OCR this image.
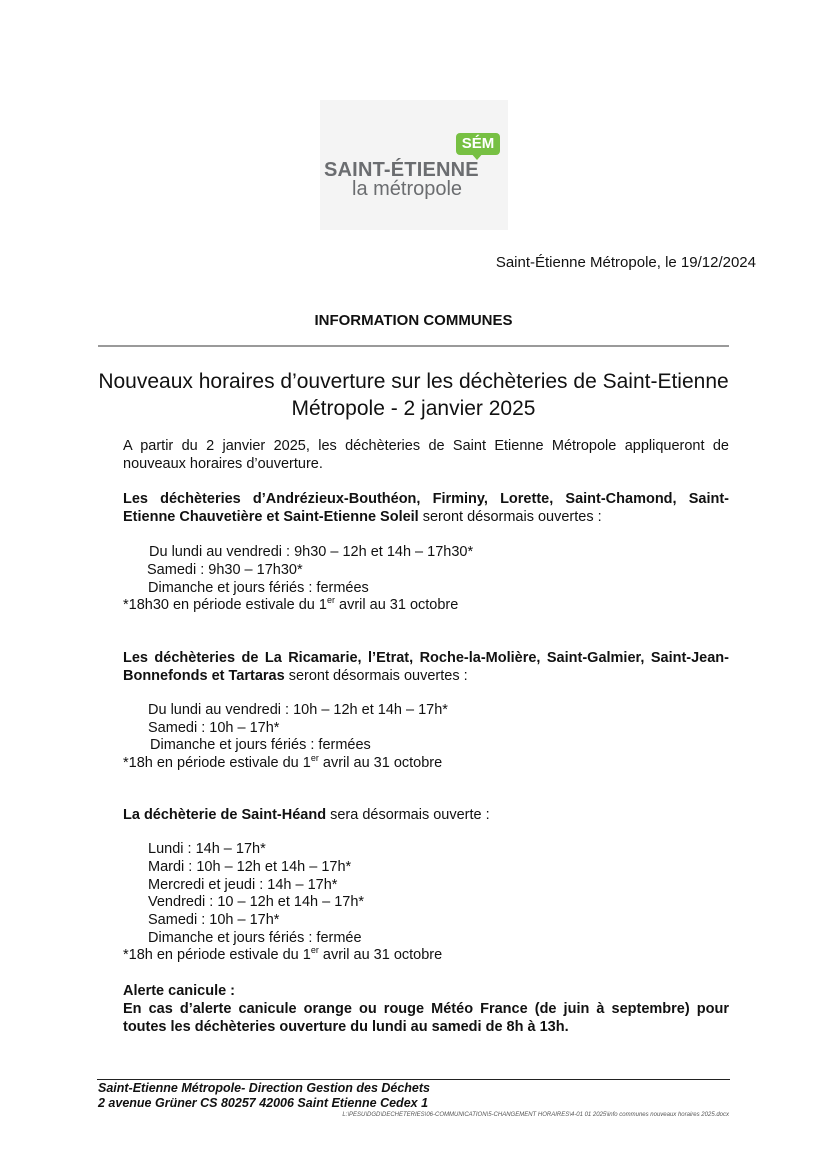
SÉM
SAINT-ÉTIENNE
la métropole
Saint-Étienne Métropole, le 19/12/2024
INFORMATION COMMUNES
Nouveaux horaires d’ouverture sur les déchèteries de Saint-Etienne Métropole - 2 janvier 2025
A partir du 2 janvier 2025, les déchèteries de Saint Etienne Métropole appliqueront de nouveaux horaires d’ouverture.
Les déchèteries d’Andrézieux-Bouthéon, Firminy, Lorette, Saint-Chamond, Saint-Etienne Chauvetière et Saint-Etienne Soleil seront désormais ouvertes :
Du lundi au vendredi : 9h30 – 12h et 14h – 17h30*
Samedi : 9h30 – 17h30*
Dimanche et jours fériés : fermées
*18h30 en période estivale du 1er avril au 31 octobre
Les déchèteries de La Ricamarie, l’Etrat, Roche-la-Molière, Saint-Galmier, Saint-Jean-Bonnefonds et Tartaras seront désormais ouvertes :
Du lundi au vendredi : 10h – 12h et 14h – 17h*
Samedi : 10h – 17h*
Dimanche et jours fériés : fermées
*18h en période estivale du 1er avril au 31 octobre
La déchèterie de Saint-Héand sera désormais ouverte :
Lundi : 14h – 17h*
Mardi : 10h – 12h et 14h – 17h*
Mercredi et jeudi : 14h – 17h*
Vendredi : 10 – 12h et 14h – 17h*
Samedi : 10h – 17h*
Dimanche et jours fériés : fermée
*18h en période estivale du 1er avril au 31 octobre
Alerte canicule :
En cas d’alerte canicule orange ou rouge Météo France (de juin à septembre) pour toutes les déchèteries ouverture du lundi au samedi de 8h à 13h.
Saint-Etienne Métropole- Direction Gestion des Déchets
2 avenue Grüner CS 80257 42006 Saint Etienne Cedex 1
L:\PESU\DGD\DECHETERIES\06-COMMUNICATION\5-CHANGEMENT HORAIRES\4-01 01 2025\info communes nouveaux horaires 2025.docx
